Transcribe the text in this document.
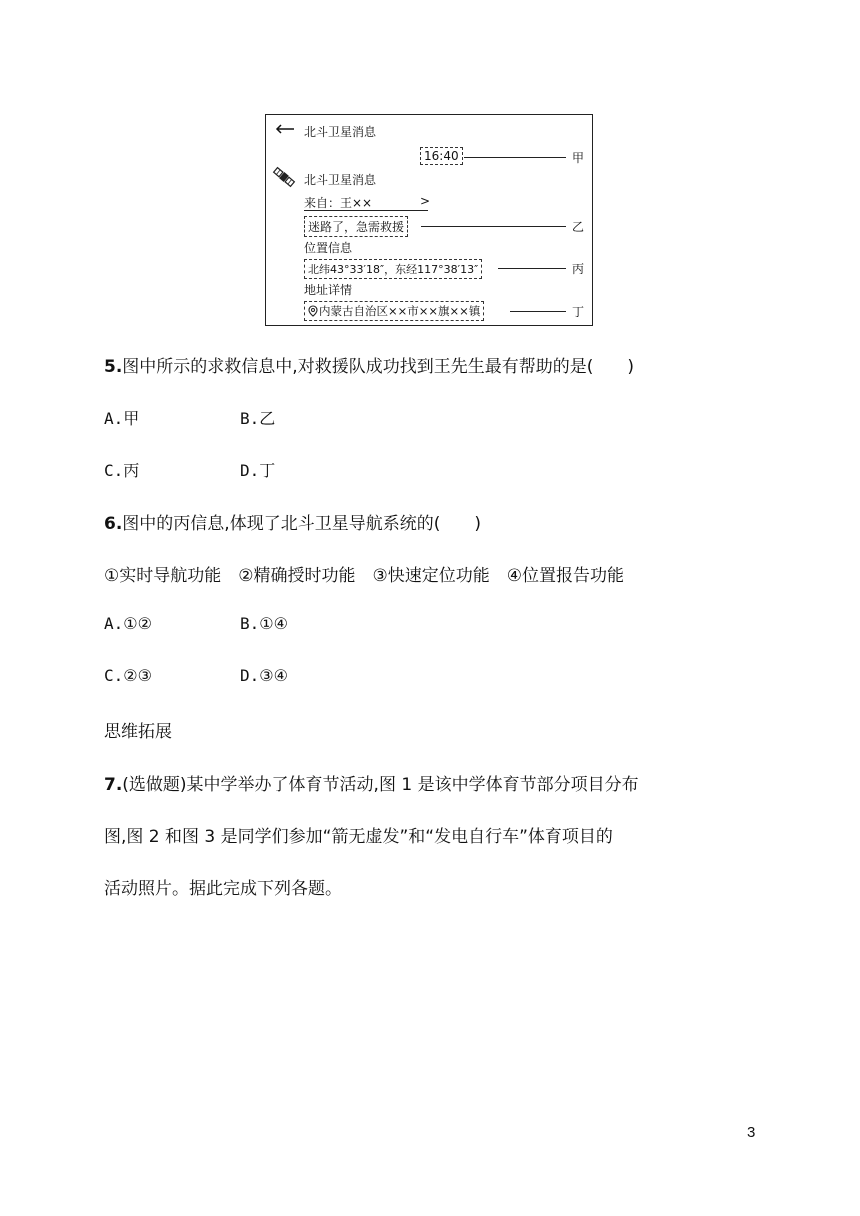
北斗卫星消息
16:40
北斗卫星消息
来自：王××	>
迷路了，急需救援
位置信息
北纬43°33′18″，东经117°38′13″
地址详情
内蒙古自治区××市××旗××镇
甲
乙
丙
丁
5.图中所示的求救信息中,对救援队成功找到王先生最有帮助的是(　　)
A.甲	B.乙
C.丙	D.丁
6.图中的丙信息,体现了北斗卫星导航系统的(　　)
①实时导航功能　②精确授时功能　③快速定位功能　④位置报告功能
A.①②	B.①④
C.②③	D.③④
思维拓展
7.(选做题)某中学举办了体育节活动,图 1 是该中学体育节部分项目分布
图,图 2 和图 3 是同学们参加“箭无虚发”和“发电自行车”体育项目的
活动照片。据此完成下列各题。
3
